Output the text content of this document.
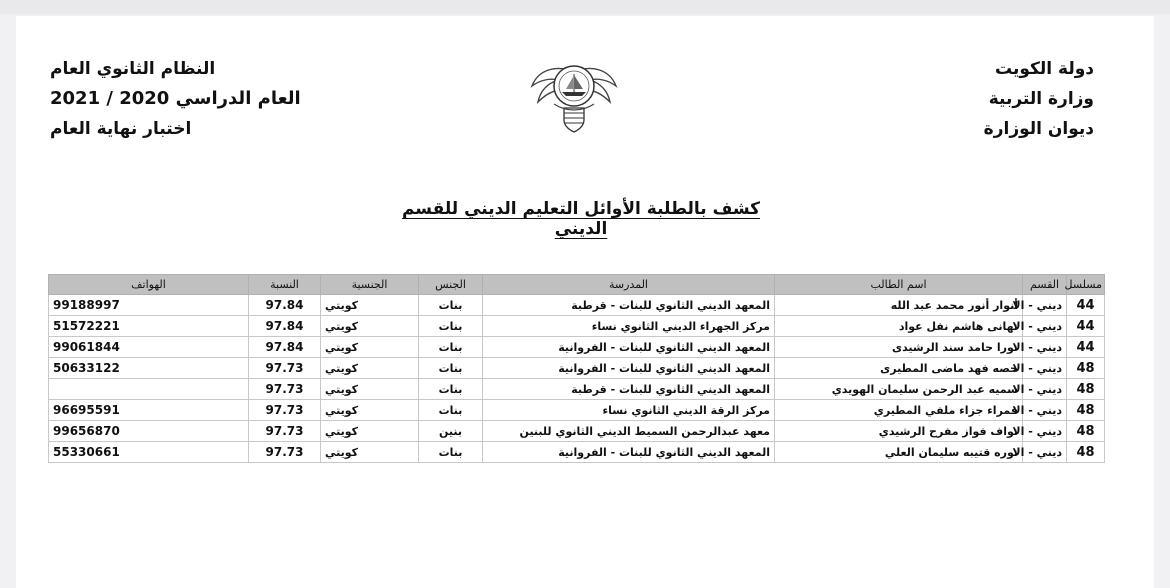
دولة الكويت
وزارة التربية
ديوان الوزارة
النظام الثانوي العام
العام الدراسي 2020 / 2021
اختبار نهاية العام
كشف بالطلبة الأوائل التعليم الديني للقسم الديني
مسلسل	القسم	اسم الطالب	المدرسة	الجنس	الجنسية	النسبة	الهواتف
44	ديني - الا	أنوار أنور محمد عبد الله	المعهد الديني الثانوي للبنات - قرطبة	بنات	كويتي	97.84	99188997
44	ديني - الا	تهانى هاشم نفل عواد	مركز الجهراء الديني الثانوي نساء	بنات	كويتي	97.84	51572221
44	ديني - الا	نورا حامد سند الرشيدى	المعهد الديني الثانوي للبنات - الفروانية	بنات	كويتي	97.84	99061844
48	ديني - الا	حصه فهد ماضى المطيرى	المعهد الديني الثانوي للبنات - الفروانية	بنات	كويتي	97.73	50633122
48	ديني - الا	سميه عبد الرحمن سليمان الهويدي	المعهد الديني الثانوي للبنات - قرطبة	بنات	كويتي	97.73	
48	ديني - الا	قمراء جزاء ملفي المطيري	مركز الرقة الديني الثانوي نساء	بنات	كويتي	97.73	96695591
48	ديني - الا	نواف فواز مفرح الرشيدي	معهد عبدالرحمن السميط الديني الثانوي للبنين	بنين	كويتي	97.73	99656870
48	ديني - الا	نوره قتيبه سليمان العلي	المعهد الديني الثانوي للبنات - الفروانية	بنات	كويتي	97.73	55330661
